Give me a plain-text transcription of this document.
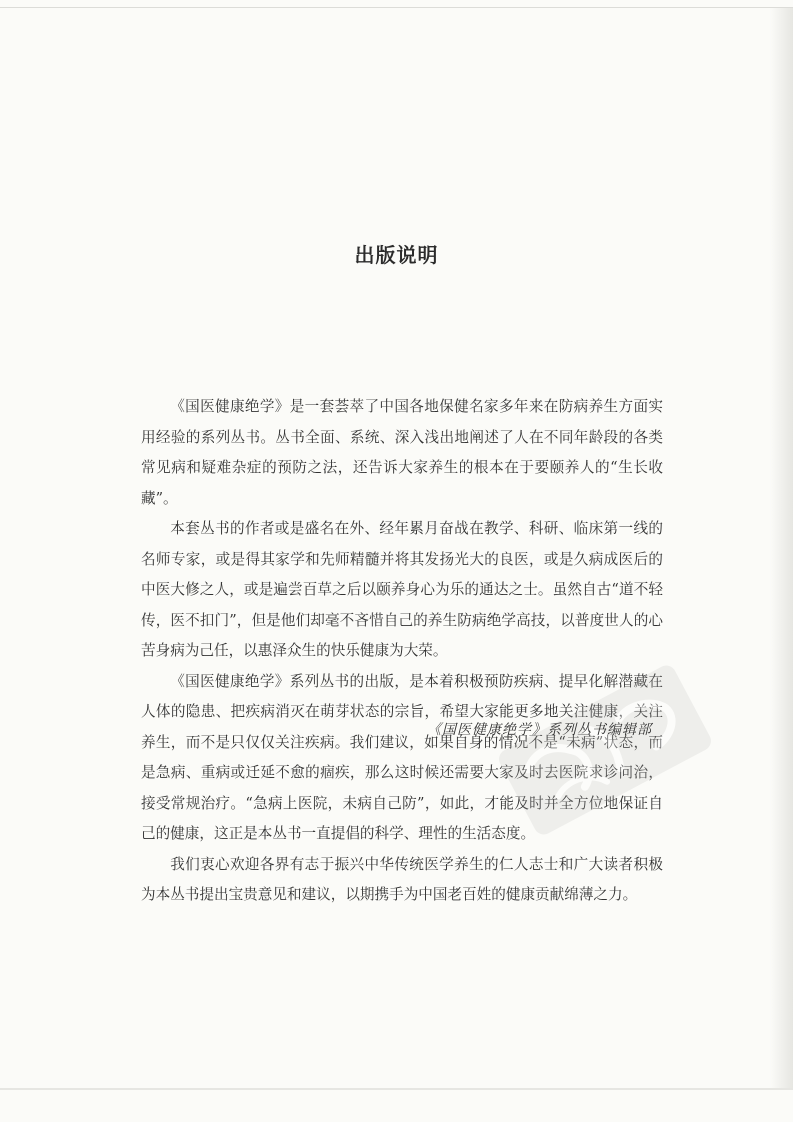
出版说明

《国医健康绝学》是一套荟萃了中国各地保健名家多年来在防病养生方面实用经验的系列丛书。丛书全面、系统、深入浅出地阐述了人在不同年龄段的各类常见病和疑难杂症的预防之法，还告诉大家养生的根本在于要颐养人的“生长收藏”。

本套丛书的作者或是盛名在外、经年累月奋战在教学、科研、临床第一线的名师专家，或是得其家学和先师精髓并将其发扬光大的良医，或是久病成医后的中医大修之人，或是遍尝百草之后以颐养身心为乐的通达之士。虽然自古“道不轻传，医不扣门”，但是他们却毫不吝惜自己的养生防病绝学高技，以普度世人的心苦身病为己任，以惠泽众生的快乐健康为大荣。

《国医健康绝学》系列丛书的出版，是本着积极预防疾病、提早化解潜藏在人体的隐患、把疾病消灭在萌芽状态的宗旨，希望大家能更多地关注健康，关注养生，而不是只仅仅关注疾病。我们建议，如果自身的情况不是“未病”状态，而是急病、重病或迁延不愈的痼疾，那么这时候还需要大家及时去医院求诊问治，接受常规治疗。“急病上医院，未病自己防”，如此，才能及时并全方位地保证自己的健康，这正是本丛书一直提倡的科学、理性的生活态度。

我们衷心欢迎各界有志于振兴中华传统医学养生的仁人志士和广大读者积极为本丛书提出宝贵意见和建议，以期携手为中国老百姓的健康贡献绵薄之力。

《国医健康绝学》系列丛书编辑部
